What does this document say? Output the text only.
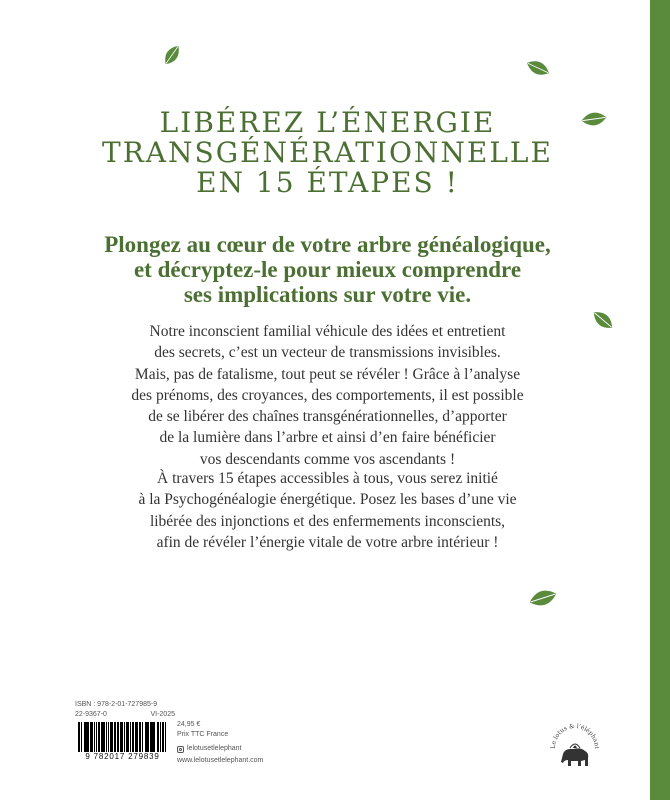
LIBÉREZ L’ÉNERGIE
TRANSGÉNÉRATIONNELLE
EN 15 ÉTAPES !
Plongez au cœur de votre arbre généalogique,
et décryptez-le pour mieux comprendre
ses implications sur votre vie.
Notre inconscient familial véhicule des idées et entretient
des secrets, c’est un vecteur de transmissions invisibles.
Mais, pas de fatalisme, tout peut se révéler ! Grâce à l’analyse
des prénoms, des croyances, des comportements, il est possible
de se libérer des chaînes transgénérationnelles, d’apporter
de la lumière dans l’arbre et ainsi d’en faire bénéficier
vos descendants comme vos ascendants !
À travers 15 étapes accessibles à tous, vous serez initié
à la Psychogénéalogie énergétique. Posez les bases d’une vie
libérée des injonctions et des enfermements inconscients,
afin de révéler l’énergie vitale de votre arbre intérieur !
ISBN : 978-2-01-727985-9
22-9367-0	VI-2025
9 782017 279839
24,95 €
Prix TTC France
lelotusetlelephant
www.lelotusetlelephant.com
Le lotus & l’éléphant
